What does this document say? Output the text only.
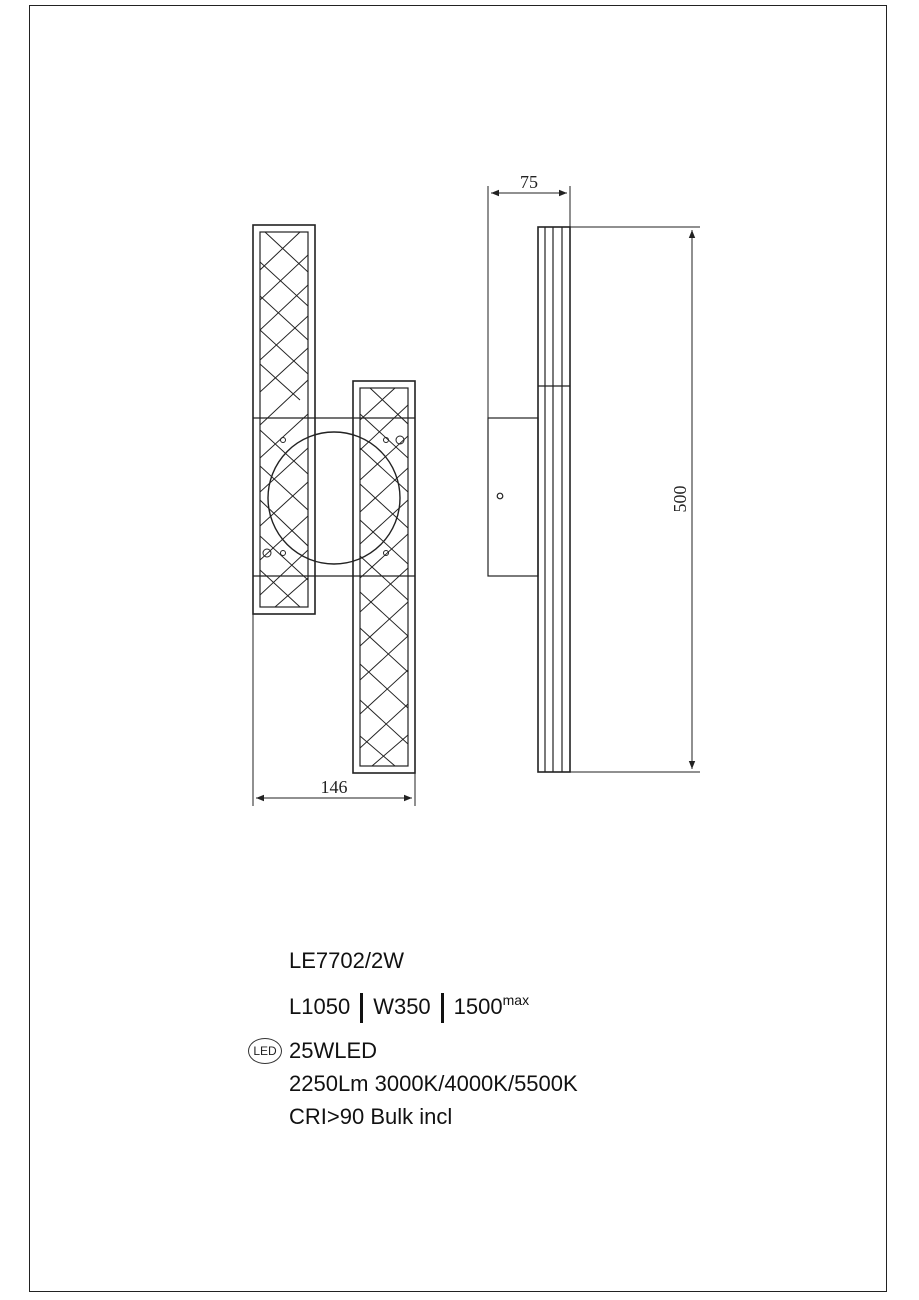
146
75
500
LE7702/2W
L1050 W350 $1500^{max}$
LED 25WLED
2250Lm 3000K/4000K/5500K
CRI>90 Bulk incl
